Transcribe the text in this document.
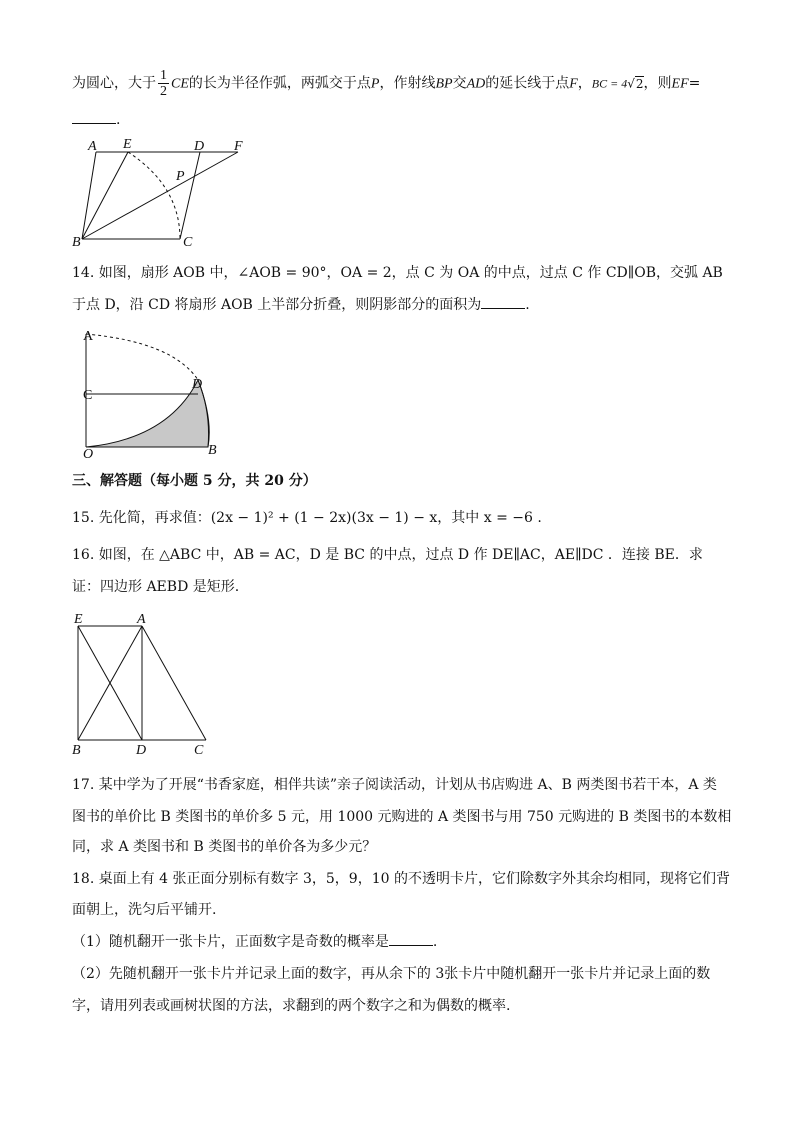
为圆心，大于 $\frac{1}{2}$ CE的长为半径作弧，两弧交于点P，作射线BP交AD的延长线于点F，BC = 4√2，则EF=
.
A E	D F
P
B	C
14. 如图，扇形 AOB 中，∠AOB = 90°，OA = 2，点 C 为 OA 的中点，过点 C 作 CD∥OB，交弧 AB
于点 D，沿 CD 将扇形 AOB 上半部分折叠，则阴影部分的面积为	.
A
C
D
O	B
三、解答题（每小题 5 分，共 20 分）
15. 先化简，再求值：(2x − 1)² + (1 − 2x)(3x − 1) − x，其中 x = −6 .
16. 如图，在 △ABC 中，AB = AC，D 是 BC 的中点，过点 D 作 DE∥AC，AE∥DC ．连接 BE．求
证：四边形 AEBD 是矩形.
E	A
B	D	C
17. 某中学为了开展“书香家庭，相伴共读”亲子阅读活动，计划从书店购进 A、B 两类图书若干本，A 类
图书的单价比 B 类图书的单价多 5 元，用 1000 元购进的 A 类图书与用 750 元购进的 B 类图书的本数相
同，求 A 类图书和 B 类图书的单价各为多少元？
18. 桌面上有 4 张正面分别标有数字 3，5，9，10 的不透明卡片，它们除数字外其余均相同，现将它们背
面朝上，洗匀后平铺开.
（1）随机翻开一张卡片，正面数字是奇数的概率是	.
（2）先随机翻开一张卡片并记录上面的数字，再从余下的 3张卡片中随机翻开一张卡片并记录上面的数
字，请用列表或画树状图的方法，求翻到的两个数字之和为偶数的概率.
